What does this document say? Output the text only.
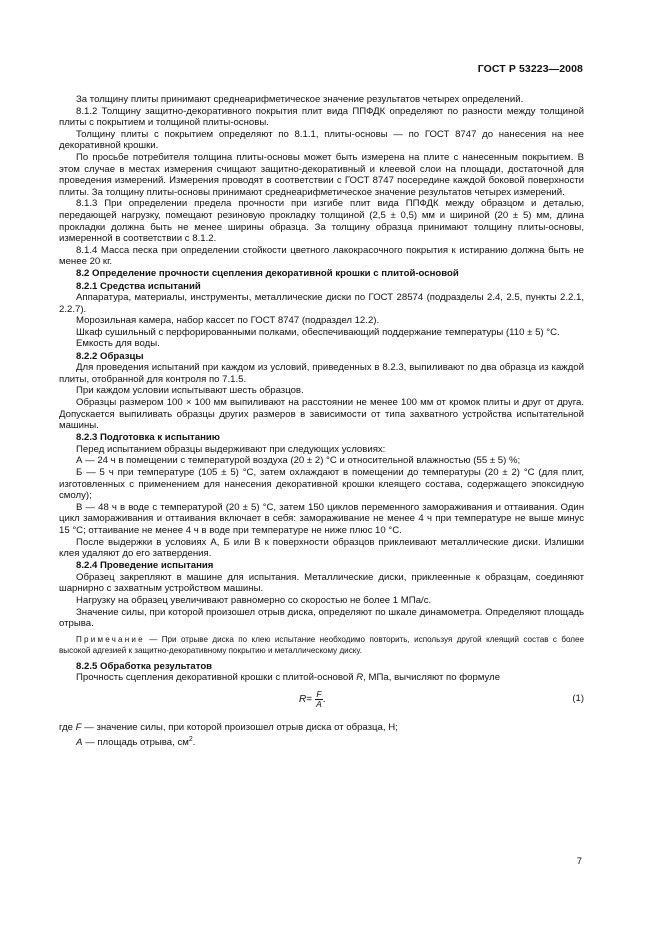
ГОСТ Р 53223—2008

За толщину плиты принимают среднеарифметическое значение результатов четырех определений.

8.1.2 Толщину защитно-декоративного покрытия плит вида ППФДК определяют по разности между толщиной плиты с покрытием и толщиной плиты-основы.

Толщину плиты с покрытием определяют по 8.1.1, плиты-основы — по ГОСТ 8747 до нанесения на нее декоративной крошки.

По просьбе потребителя толщина плиты-основы может быть измерена на плите с нанесенным покрытием. В этом случае в местах измерения счищают защитно-декоративный и клеевой слои на площади, достаточной для проведения измерений. Измерения проводят в соответствии с ГОСТ 8747 посередине каждой боковой поверхности плиты. За толщину плиты-основы принимают среднеарифметическое значение результатов четырех измерений.

8.1.3 При определении предела прочности при изгибе плит вида ППФДК между образцом и деталью, передающей нагрузку, помещают резиновую прокладку толщиной (2,5 ± 0,5) мм и шириной (20 ± 5) мм, длина прокладки должна быть не менее ширины образца. За толщину образца принимают толщину плиты-основы, измеренной в соответствии с 8.1.2.

8.1.4 Масса песка при определении стойкости цветного лакокрасочного покрытия к истиранию должна быть не менее 20 кг.

8.2 Определение прочности сцепления декоративной крошки с плитой-основой

8.2.1 Средства испытаний

Аппаратура, материалы, инструменты, металлические диски по ГОСТ 28574 (подразделы 2.4, 2.5, пункты 2.2.1, 2.2.7).

Морозильная камера, набор кассет по ГОСТ 8747 (подраздел 12.2).

Шкаф сушильный с перфорированными полками, обеспечивающий поддержание температуры (110 ± 5) °С.

Емкость для воды.

8.2.2 Образцы

Для проведения испытаний при каждом из условий, приведенных в 8.2.3, выпиливают по два образца из каждой плиты, отобранной для контроля по 7.1.5.

При каждом условии испытывают шесть образцов.

Образцы размером 100 × 100 мм выпиливают на расстоянии не менее 100 мм от кромок плиты и друг от друга. Допускается выпиливать образцы других размеров в зависимости от типа захватного устройства испытательной машины.

8.2.3 Подготовка к испытанию

Перед испытанием образцы выдерживают при следующих условиях:

А — 24 ч в помещении с температурой воздуха (20 ± 2) °С и относительной влажностью (55 ± 5) %;

Б — 5 ч при температуре (105 ± 5) °С, затем охлаждают в помещении до температуры (20 ± 2) °С (для плит, изготовленных с применением для нанесения декоративной крошки клеящего состава, содержащего эпоксидную смолу);

В — 48 ч в воде с температурой (20 ± 5) °С, затем 150 циклов переменного замораживания и оттаивания. Один цикл замораживания и оттаивания включает в себя: замораживание не менее 4 ч при температуре не выше минус 15 °С; оттаивание не менее 4 ч в воде при температуре не ниже плюс 10 °С.

После выдержки в условиях А, Б или В к поверхности образцов приклеивают металлические диски. Излишки клея удаляют до его затвердения.

8.2.4 Проведение испытания

Образец закрепляют в машине для испытания. Металлические диски, приклеенные к образцам, соединяют шарнирно с захватным устройством машины.

Нагрузку на образец увеличивают равномерно со скоростью не более 1 МПа/с.

Значение силы, при которой произошел отрыв диска, определяют по шкале динамометра. Определяют площадь отрыва.

Примечание — При отрыве диска по клею испытание необходимо повторить, используя другой клеящий состав с более высокой адгезией к защитно-декоративному покрытию и металлическому диску.

8.2.5 Обработка результатов

Прочность сцепления декоративной крошки с плитой-основой R, МПа, вычисляют по формуле

$R = \frac{F}{A}$ .	(1)

где F — значение силы, при которой произошел отрыв диска от образца, Н;

A — площадь отрыва, $см^2$.

7
